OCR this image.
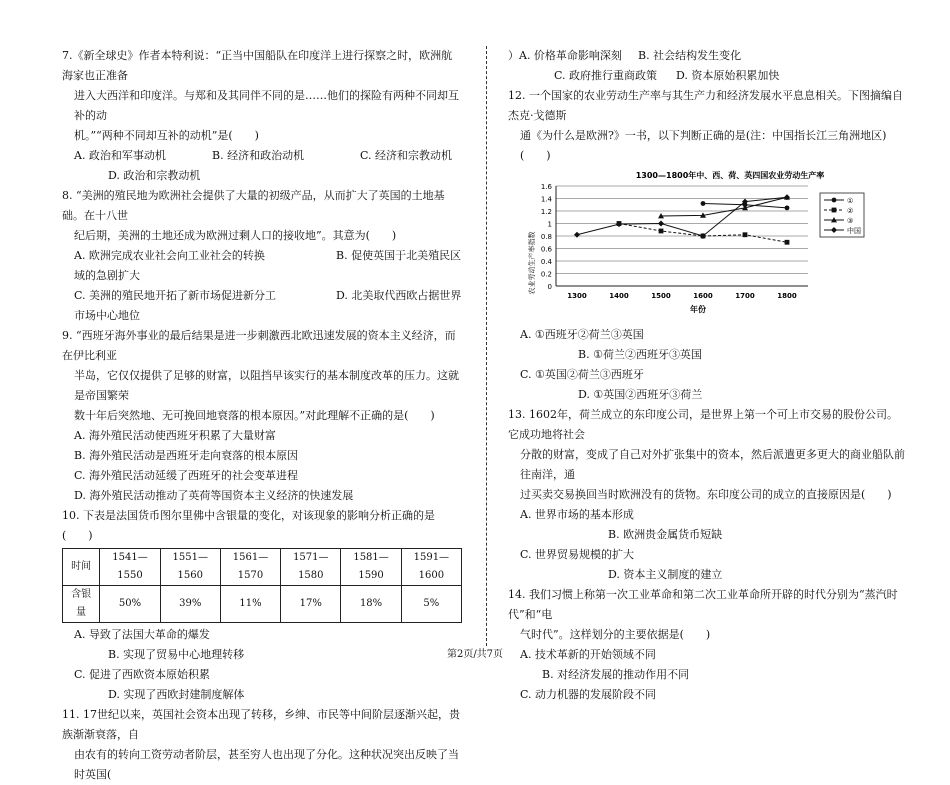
7.《新全球史》作者本特利说：“正当中国船队在印度洋上进行探察之时，欧洲航海家也正准备

进入大西洋和印度洋。与郑和及其同伴不同的是……他们的探险有两种不同却互补的动

机。”“两种不同却互补的动机”是(　　)

A. 政治和军事动机	B. 经济和政治动机	C. 经济和宗教动机

D. 政治和宗教动机

8. “美洲的殖民地为欧洲社会提供了大量的初级产品，从而扩大了英国的土地基础。在十八世

纪后期，美洲的土地还成为欧洲过剩人口的接收地”。其意为(　　)

A. 欧洲完成农业社会向工业社会的转换	B. 促使英国于北美殖民区

域的急剧扩大

C. 美洲的殖民地开拓了新市场促进新分工	D. 北美取代西欧占据世界

市场中心地位

9. “西班牙海外事业的最后结果是进一步刺激西北欧迅速发展的资本主义经济，而在伊比利亚

半岛，它仅仅提供了足够的财富，以阻挡早该实行的基本制度改革的压力。这就是帝国繁荣

数十年后突然地、无可挽回地衰落的根本原因。”对此理解不正确的是(　　)

A. 海外殖民活动使西班牙积累了大量财富

B. 海外殖民活动是西班牙走向衰落的根本原因

C. 海外殖民活动延缓了西班牙的社会变革进程

D. 海外殖民活动推动了英荷等国资本主义经济的快速发展

10. 下表是法国货币图尔里佛中含银量的变化，对该现象的影响分析正确的是(　　)

时间	1541—1550	1551—1560	1561—1570	1571—1580	1581—1590	1591—1600
含银量	50%	39%	11%	17%	18%	5%

A. 导致了法国大革命的爆发

B. 实现了贸易中心地理转移

C. 促进了西欧资本原始积累

D. 实现了西欧封建制度解体

11. 17世纪以来，英国社会资本出现了转移，乡绅、市民等中间阶层逐渐兴起，贵族渐渐衰落，自

由农有的转向工资劳动者阶层，甚至穷人也出现了分化。这种状况突出反映了当时英国(

）A. 价格革命影响深刻	B. 社会结构发生变化
C. 政府推行重商政策	D. 资本原始积累加快

12. 一个国家的农业劳动生产率与其生产力和经济发展水平息息相关。下图摘编自杰克·戈德斯

通《为什么是欧洲?》一书，以下判断正确的是(注：中国指长江三角洲地区)(　　)

1300—1800年中、西、荷、英四国农业劳动生产率
农业劳动生产率指数
年份
0
0.2
0.4
0.6
0.8
1
1.2
1.4
1.6
1300	1400	1500	1600	1700	1800
①
②
③
中国

A. ①西班牙②荷兰③英国

B. ①荷兰②西班牙③英国

C. ①英国②荷兰③西班牙

D. ①英国②西班牙③荷兰

13. 1602年，荷兰成立的东印度公司，是世界上第一个可上市交易的股份公司。它成功地将社会

分散的财富，变成了自己对外扩张集中的资本，然后派遣更多更大的商业船队前往南洋，通

过买卖交易换回当时欧洲没有的货物。东印度公司的成立的直接原因是(　　)

A. 世界市场的基本形成

B. 欧洲贵金属货币短缺

C. 世界贸易规模的扩大

D. 资本主义制度的建立

14. 我们习惯上称第一次工业革命和第二次工业革命所开辟的时代分别为“蒸汽时代”和“电

气时代”。这样划分的主要依据是(　　)

A. 技术革新的开始领域不同

B. 对经济发展的推动作用不同

C. 动力机器的发展阶段不同

第2页/共7页
